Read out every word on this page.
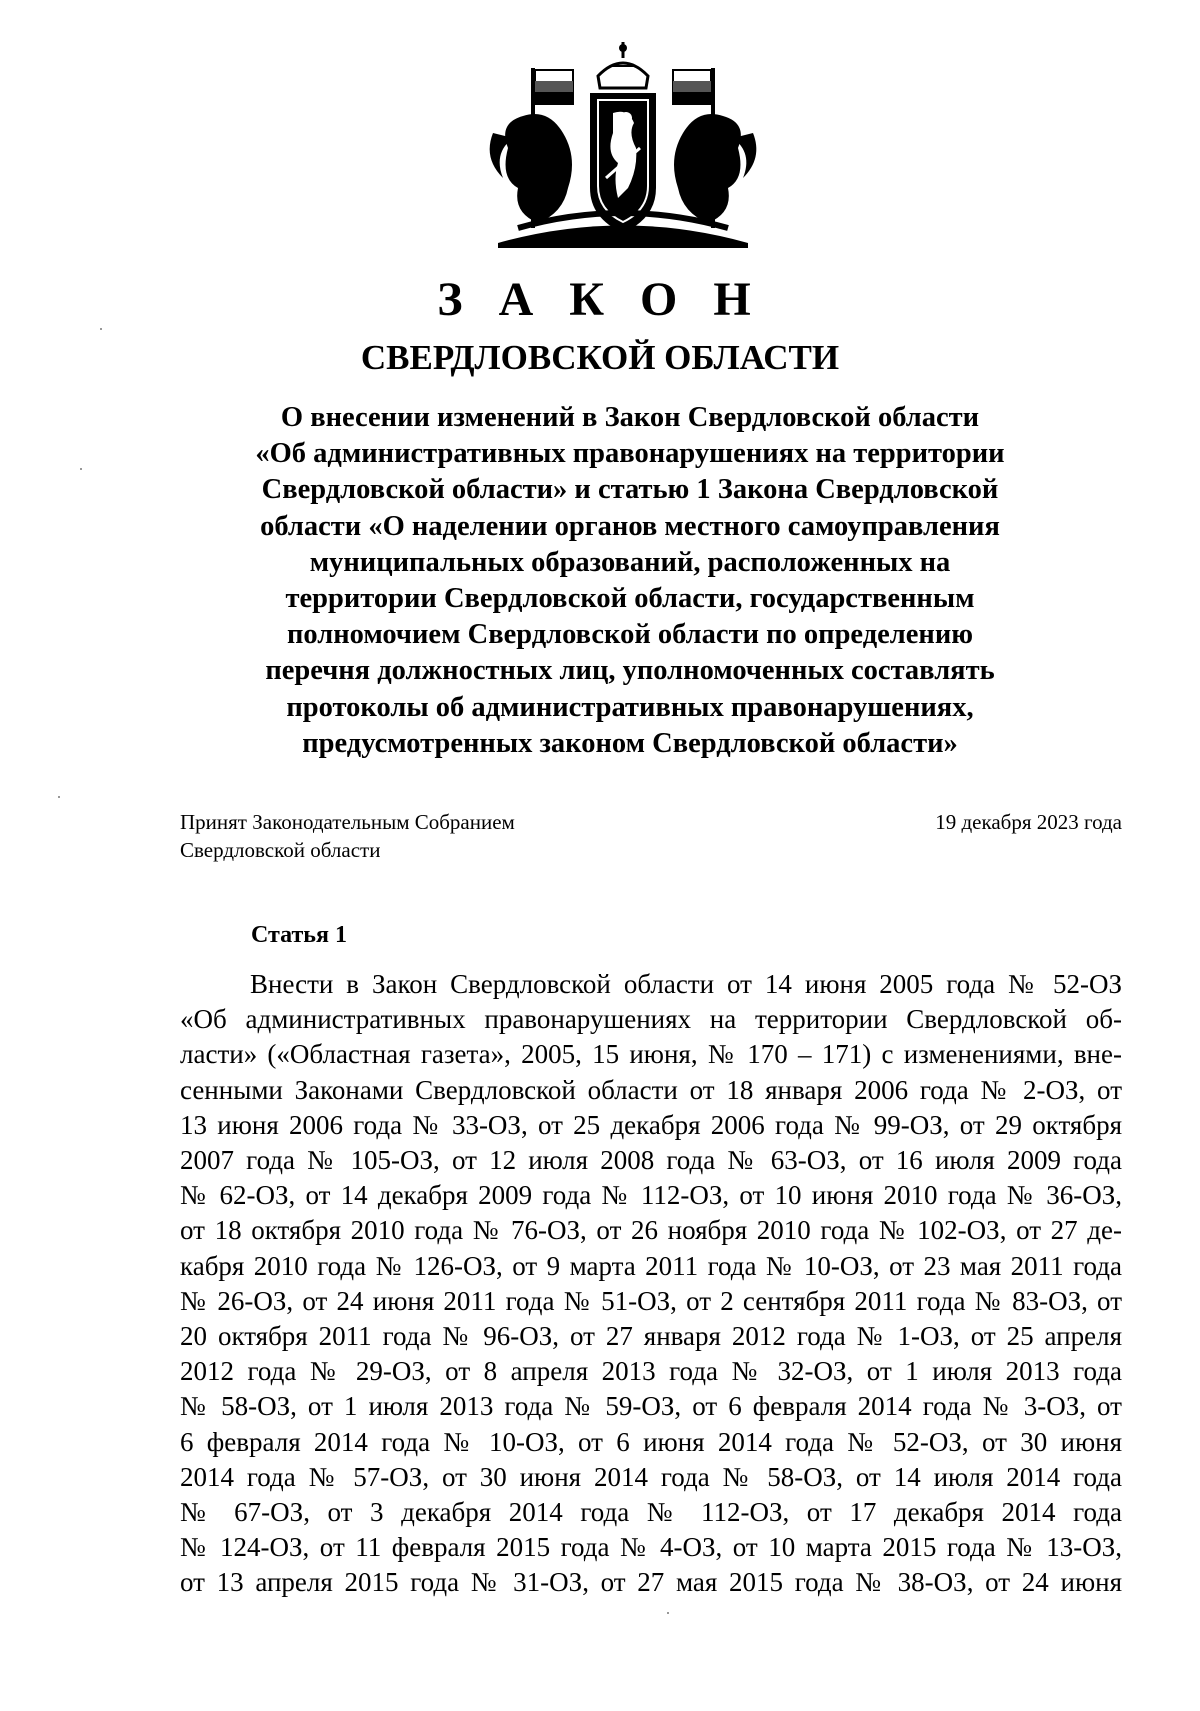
З А К О Н
СВЕРДЛОВСКОЙ ОБЛАСТИ
О внесении изменений в Закон Свердловской области
«Об административных правонарушениях на территории
Свердловской области» и статью 1 Закона Свердловской
области «О наделении органов местного самоуправления
муниципальных образований, расположенных на
территории Свердловской области, государственным
полномочием Свердловской области по определению
перечня должностных лиц, уполномоченных составлять
протоколы об административных правонарушениях,
предусмотренных законом Свердловской области»
Принят Законодательным Собранием
Свердловской области
19 декабря 2023 года
Статья 1
Внести в Закон Свердловской области от 14 июня 2005 года № 52-ОЗ
«Об административных правонарушениях на территории Свердловской об-
ласти» («Областная газета», 2005, 15 июня, № 170 – 171) с изменениями, вне-
сенными Законами Свердловской области от 18 января 2006 года № 2-ОЗ, от
13 июня 2006 года № 33-ОЗ, от 25 декабря 2006 года № 99-ОЗ, от 29 октября
2007 года № 105-ОЗ, от 12 июля 2008 года № 63-ОЗ, от 16 июля 2009 года
№ 62-ОЗ, от 14 декабря 2009 года № 112-ОЗ, от 10 июня 2010 года № 36-ОЗ,
от 18 октября 2010 года № 76-ОЗ, от 26 ноября 2010 года № 102-ОЗ, от 27 де-
кабря 2010 года № 126-ОЗ, от 9 марта 2011 года № 10-ОЗ, от 23 мая 2011 года
№ 26-ОЗ, от 24 июня 2011 года № 51-ОЗ, от 2 сентября 2011 года № 83-ОЗ, от
20 октября 2011 года № 96-ОЗ, от 27 января 2012 года № 1-ОЗ, от 25 апреля
2012 года № 29-ОЗ, от 8 апреля 2013 года № 32-ОЗ, от 1 июля 2013 года
№ 58-ОЗ, от 1 июля 2013 года № 59-ОЗ, от 6 февраля 2014 года № 3-ОЗ, от
6 февраля 2014 года № 10-ОЗ, от 6 июня 2014 года № 52-ОЗ, от 30 июня
2014 года № 57-ОЗ, от 30 июня 2014 года № 58-ОЗ, от 14 июля 2014 года
№ 67-ОЗ, от 3 декабря 2014 года № 112-ОЗ, от 17 декабря 2014 года
№ 124-ОЗ, от 11 февраля 2015 года № 4-ОЗ, от 10 марта 2015 года № 13-ОЗ,
от 13 апреля 2015 года № 31-ОЗ, от 27 мая 2015 года № 38-ОЗ, от 24 июня
